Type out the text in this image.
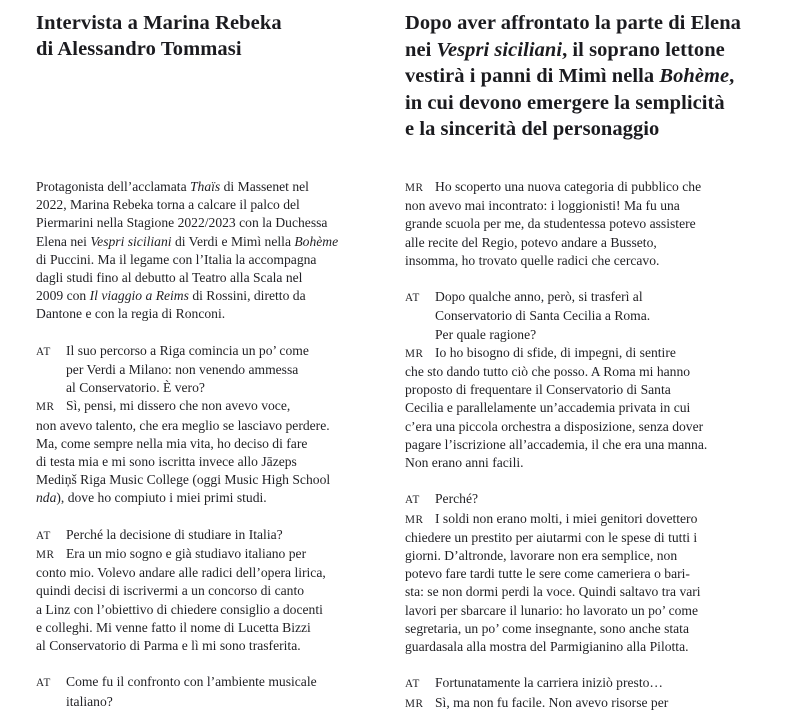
Intervista a Marina Rebeka
di Alessandro Tommasi

Protagonista dell’acclamata Thaïs di Massenet nel
2022, Marina Rebeka torna a calcare il palco del
Piermarini nella Stagione 2022/2023 con la Duchessa
Elena nei Vespri siciliani di Verdi e Mimì nella Bohème
di Puccini. Ma il legame con l’Italia la accompagna
dagli studi fino al debutto al Teatro alla Scala nel
2009 con Il viaggio a Reims di Rossini, diretto da
Dantone e con la regia di Ronconi.

AT Il suo percorso a Riga comincia un po’ come
per Verdi a Milano: non venendo ammessa
al Conservatorio. È vero?
MR Sì, pensi, mi dissero che non avevo voce,
non avevo talento, che era meglio se lasciavo perdere.
Ma, come sempre nella mia vita, ho deciso di fare
di testa mia e mi sono iscritta invece allo Jāzeps
Mediņš Riga Music College (oggi Music High School
nda), dove ho compiuto i miei primi studi.
AT Perché la decisione di studiare in Italia?
MR Era un mio sogno e già studiavo italiano per
conto mio. Volevo andare alle radici dell’opera lirica,
quindi decisi di iscrivermi a un concorso di canto
a Linz con l’obiettivo di chiedere consiglio a docenti
e colleghi. Mi venne fatto il nome di Lucetta Bizzi
al Conservatorio di Parma e lì mi sono trasferita.
AT Come fu il confronto con l’ambiente musicale
italiano?
Dopo aver affrontato la parte di Elena
nei Vespri siciliani, il soprano lettone
vestirà i panni di Mimì nella Bohème,
in cui devono emergere la semplicità
e la sincerità del personaggio
MR Ho scoperto una nuova categoria di pubblico che
non avevo mai incontrato: i loggionisti! Ma fu una
grande scuola per me, da studentessa potevo assistere
alle recite del Regio, potevo andare a Busseto,
insomma, ho trovato quelle radici che cercavo.
AT Dopo qualche anno, però, si trasferì al
Conservatorio di Santa Cecilia a Roma.
Per quale ragione?
MR Io ho bisogno di sfide, di impegni, di sentire
che sto dando tutto ciò che posso. A Roma mi hanno
proposto di frequentare il Conservatorio di Santa
Cecilia e parallelamente un’accademia privata in cui
c’era una piccola orchestra a disposizione, senza dover
pagare l’iscrizione all’accademia, il che era una manna.
Non erano anni facili.
AT Perché?
MR I soldi non erano molti, i miei genitori dovettero
chiedere un prestito per aiutarmi con le spese di tutti i
giorni. D’altronde, lavorare non era semplice, non
potevo fare tardi tutte le sere come cameriera o bari-
sta: se non dormi perdi la voce. Quindi saltavo tra vari
lavori per sbarcare il lunario: ho lavorato un po’ come
segretaria, un po’ come insegnante, sono anche stata
guardasala alla mostra del Parmigianino alla Pilotta.
AT Fortunatamente la carriera iniziò presto…
MR Sì, ma non fu facile. Non avevo risorse per
